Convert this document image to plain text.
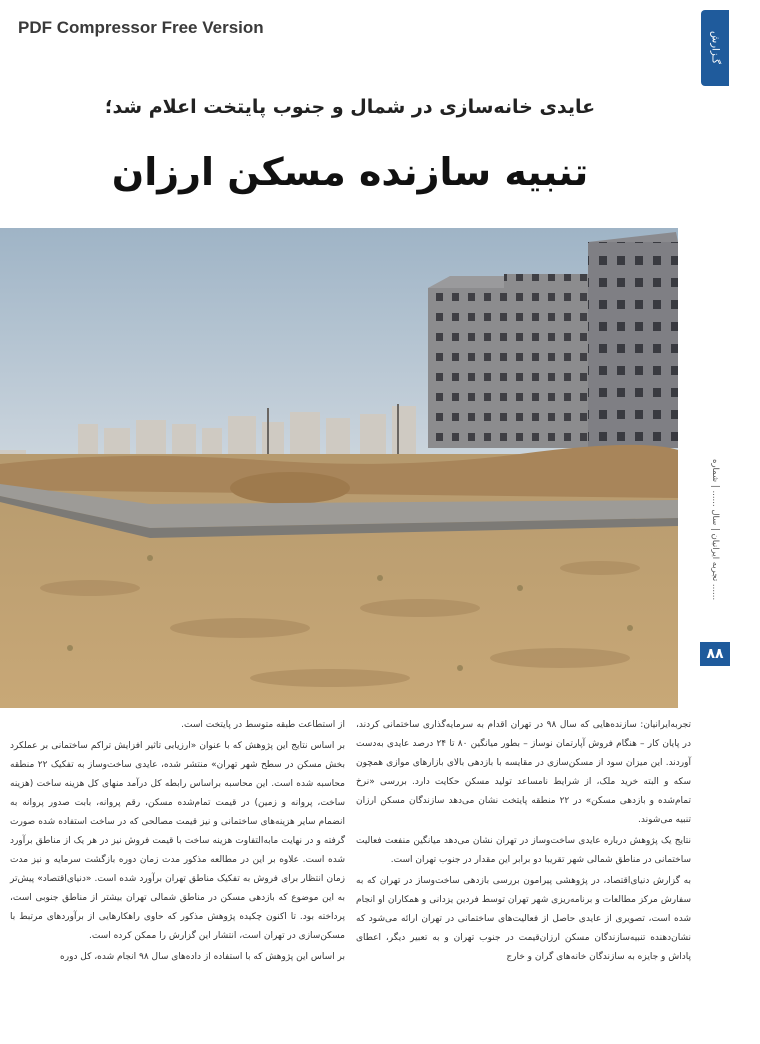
PDF Compressor Free Version
گـزارش
تجربه ایرانیان | سال ...... | شماره ......
۸۸
عایدی خانه‌سازی در شمال و جنوب پایتخت اعلام شد؛
تنبیه سازنده مسکن ارزان

تجربه‌ایرانیان: سازنده‌هایی که سال ۹۸ در تهران اقدام به سرمایه‌گذاری ساختمانی کردند، در پایان کار – هنگام فروش آپارتمان نوساز – بطور میانگین ۸۰ تا ۲۴ درصد عایدی به‌دست آوردند. این میزان سود از مسکن‌سازی در مقایسه با بازدهی بالای بازارهای موازی همچون سکه و البته خرید ملک، از شرایط نامساعد تولید مسکن حکایت دارد. بررسی «نرخ تمام‌شده و بازدهی مسکن» در ۲۲ منطقه پایتخت نشان می‌دهد سازندگان مسکن ارزان تنبیه می‌شوند.

نتایج یک پژوهش درباره عایدی ساخت‌وساز در تهران نشان می‌دهد میانگین منفعت فعالیت ساختمانی در مناطق شمالی شهر تقریبا دو برابر این مقدار در جنوب تهران است.

به گزارش دنیای‌اقتصاد، در پژوهشی پیرامون بررسی بازدهی ساخت‌وساز در تهران که به سفارش مرکز مطالعات و برنامه‌ریزی شهر تهران توسط فردین یزدانی و همکاران او انجام شده است، تصویری از عایدی حاصل از فعالیت‌های ساختمانی در تهران ارائه می‌شود که نشان‌دهنده تنبیه‌سازندگان مسکن ارزان‌قیمت در جنوب تهران و به تعبیر دیگر، اعطای پاداش و جایزه به سازندگان خانه‌های گران و خارج

از استطاعت طبقه متوسط در پایتخت است.

بر اساس نتایج این پژوهش که با عنوان «ارزیابی تاثیر افزایش تراکم ساختمانی بر عملکرد بخش مسکن در سطح شهر تهران» منتشر شده، عایدی ساخت‌وساز به تفکیک ۲۲ منطقه محاسبه شده است. این محاسبه براساس رابطه کل درآمد منهای کل هزینه ساخت (هزینه ساخت، پروانه و زمین) در قیمت تمام‌شده مسکن، رقم پروانه، بابت صدور پروانه به انضمام سایر هزینه‌های ساختمانی و نیز قیمت مصالحی که در ساخت استفاده شده صورت گرفته و در نهایت مابه‌التفاوت هزینه ساخت با قیمت فروش نیز در هر یک از مناطق برآورد شده است. علاوه بر این در مطالعه مذکور مدت زمان دوره بازگشت سرمایه و نیز مدت زمان انتظار برای فروش به تفکیک مناطق تهران برآورد شده است. «دنیای‌اقتصاد» پیش‌تر به این موضوع که بازدهی مسکن در مناطق شمالی تهران بیشتر از مناطق جنوبی است، پرداخته بود. تا اکنون چکیده پژوهش مذکور که حاوی راهکارهایی از برآوردهای مرتبط با مسکن‌سازی در تهران است، انتشار این گزارش را ممکن کرده است.

بر اساس این پژوهش که با استفاده از داده‌های سال ۹۸ انجام شده، کل دوره
